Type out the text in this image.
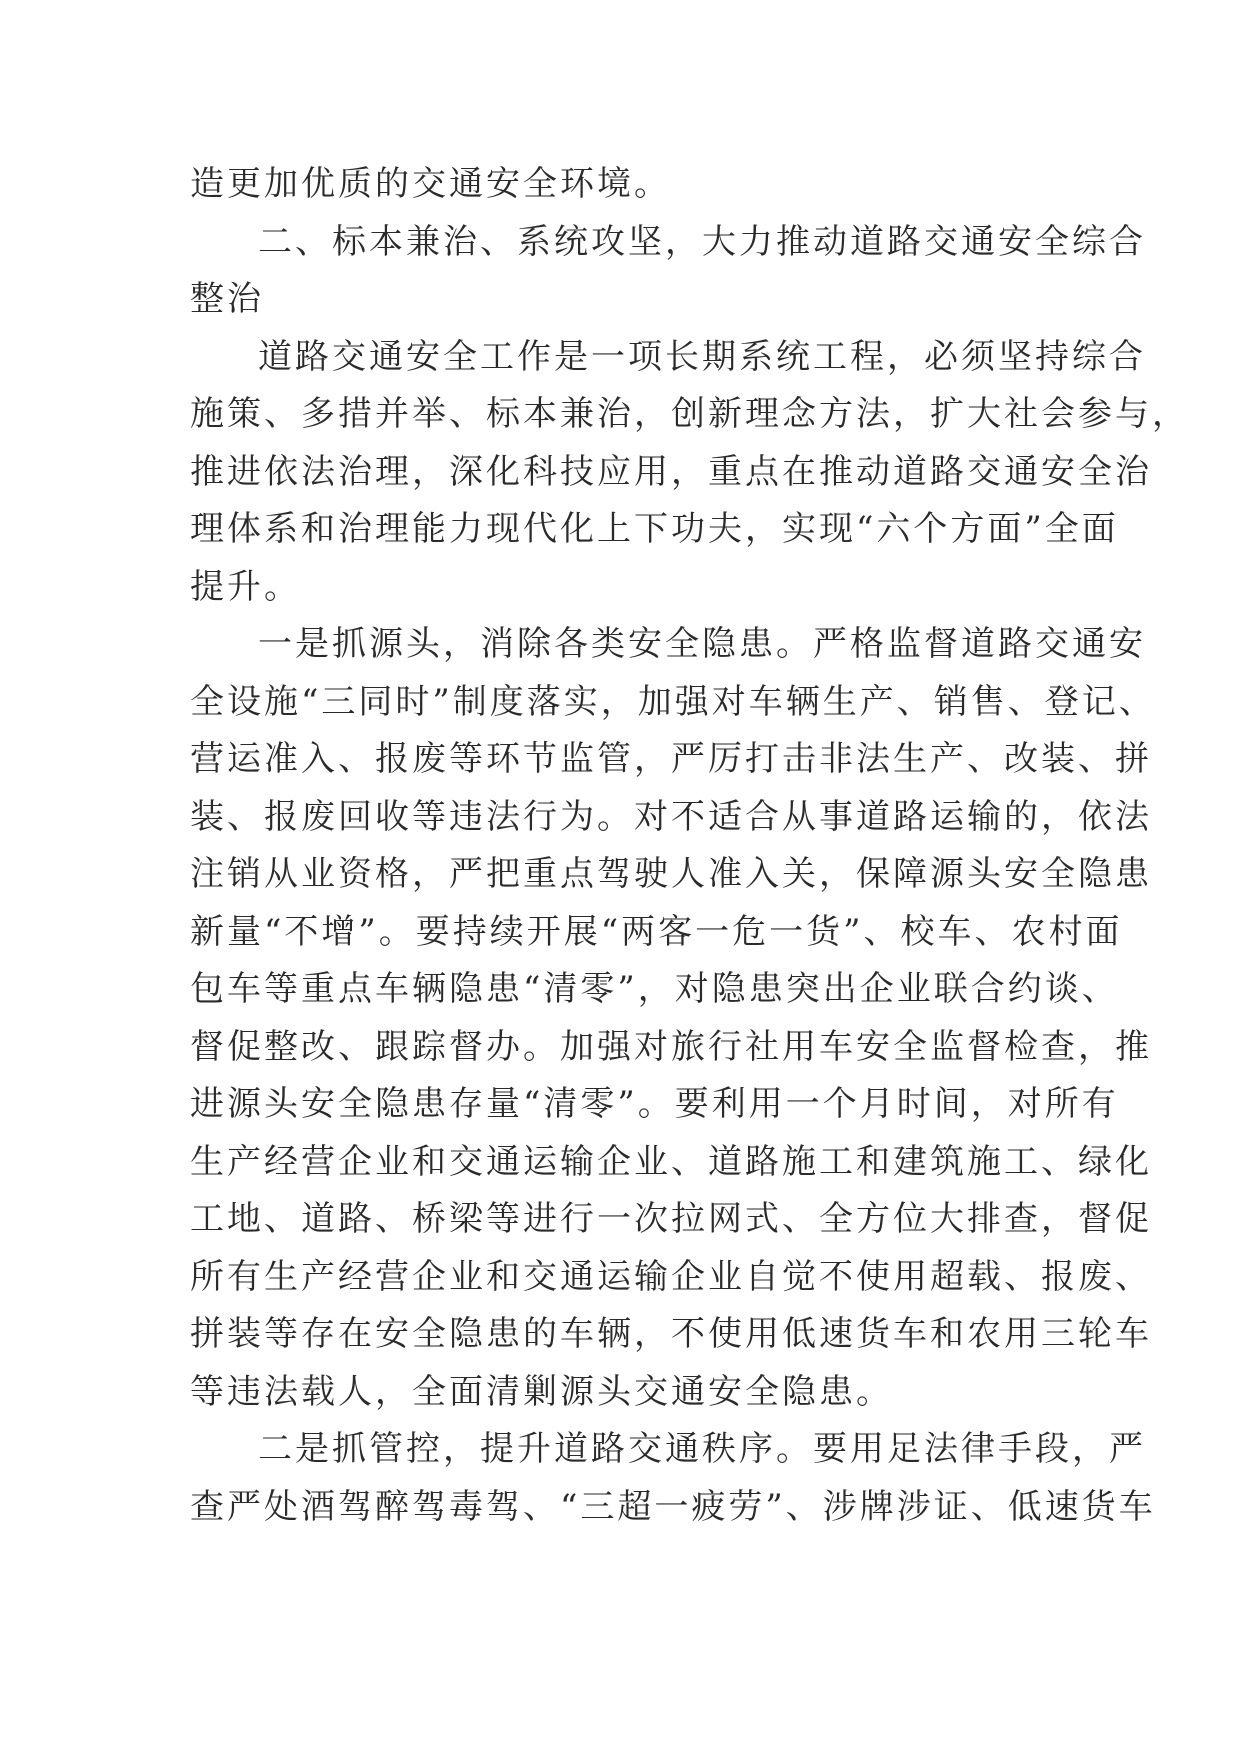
造更加优质的交通安全环境。
二、标本兼治、系统攻坚，大力推动道路交通安全综合
整治
道路交通安全工作是一项长期系统工程，必须坚持综合
施策、多措并举、标本兼治，创新理念方法，扩大社会参与，
推进依法治理，深化科技应用，重点在推动道路交通安全治
理体系和治理能力现代化上下功夫，实现“六个方面”全面
提升。
一是抓源头，消除各类安全隐患。严格监督道路交通安
全设施“三同时”制度落实，加强对车辆生产、销售、登记、
营运准入、报废等环节监管，严厉打击非法生产、改装、拼
装、报废回收等违法行为。对不适合从事道路运输的，依法
注销从业资格，严把重点驾驶人准入关，保障源头安全隐患
新量“不增”。要持续开展“两客一危一货”、校车、农村面
包车等重点车辆隐患“清零”，对隐患突出企业联合约谈、
督促整改、跟踪督办。加强对旅行社用车安全监督检查，推
进源头安全隐患存量“清零”。要利用一个月时间，对所有
生产经营企业和交通运输企业、道路施工和建筑施工、绿化
工地、道路、桥梁等进行一次拉网式、全方位大排查，督促
所有生产经营企业和交通运输企业自觉不使用超载、报废、
拼装等存在安全隐患的车辆，不使用低速货车和农用三轮车
等违法载人，全面清剿源头交通安全隐患。
二是抓管控，提升道路交通秩序。要用足法律手段，严
查严处酒驾醉驾毒驾、“三超一疲劳”、涉牌涉证、低速货车
